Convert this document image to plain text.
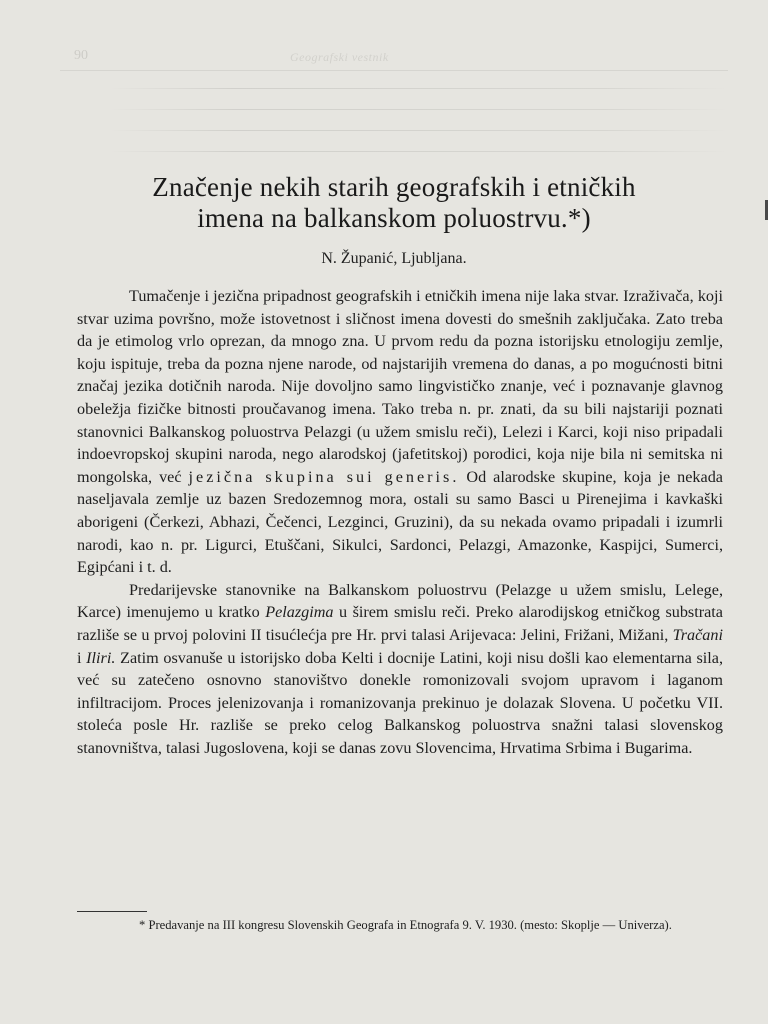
90	Geografski vestnik
Značenje nekih starih geografskih i etničkih
imena na balkanskom poluostrvu.*)
N. Županić, Ljubljana.

Tumačenje i jezična pripadnost geografskih i etničkih imena nije laka stvar. Izraživača, koji stvar uzima površno, može istovetnost i sličnost imena dovesti do smešnih zaključaka. Zato treba da je etimolog vrlo oprezan, da mnogo zna. U prvom redu da pozna istorijsku etnologiju zemlje, koju ispituje, treba da pozna njene narode, od najstarijih vremena do danas, a po mogućnosti bitni značaj jezika dotičnih naroda. Nije dovoljno samo lingvističko znanje, već i poznavanje glavnog obeležja fizičke bitnosti proučavanog imena. Tako treba n. pr. znati, da su bili najstariji poznati stanovnici Balkanskog poluostrva Pelazgi (u užem smislu reči), Lelezi i Karci, koji niso pripadali indoevropskoj skupini naroda, nego alarodskoj (jafetitskoj) porodici, koja nije bila ni semitska ni mongolska, već jezična skupina sui generis. Od alarodske skupine, koja je nekada naseljavala zemlje uz bazen Sredozemnog mora, ostali su samo Basci u Pirenejima i kavkaški aborigeni (Čerkezi, Abhazi, Čečenci, Lezginci, Gruzini), da su nekada ovamo pripadali i izumrli narodi, kao n. pr. Ligurci, Etuščani, Sikulci, Sardonci, Pelazgi, Amazonke, Kaspijci, Sumerci, Egipćani i t. d.

Predarijevske stanovnike na Balkanskom poluostrvu (Pelazge u užem smislu, Lelege, Karce) imenujemo u kratko Pelazgima u širem smislu reči. Preko alarodijskog etničkog substrata razliše se u prvoj polovini II tisućlećja pre Hr. prvi talasi Arijevaca: Jelini, Frižani, Mižani, Tračani i Iliri. Zatim osvanuše u istorijsko doba Kelti i docnije Latini, koji nisu došli kao elementarna sila, već su zatečeno osnovno stanovištvo donekle romonizovali svojom upravom i laganom infiltracijom. Proces jelenizovanja i romanizovanja prekinuo je dolazak Slovena. U početku VII. stoleća posle Hr. razliše se preko celog Balkanskog poluostrva snažni talasi slovenskog stanovništva, talasi Jugoslovena, koji se danas zovu Slovencima, Hrvatima Srbima i Bugarima.

* Predavanje na III kongresu Slovenskih Geografa in Etnografa 9. V. 1930. (mesto: Skoplje — Univerza).
